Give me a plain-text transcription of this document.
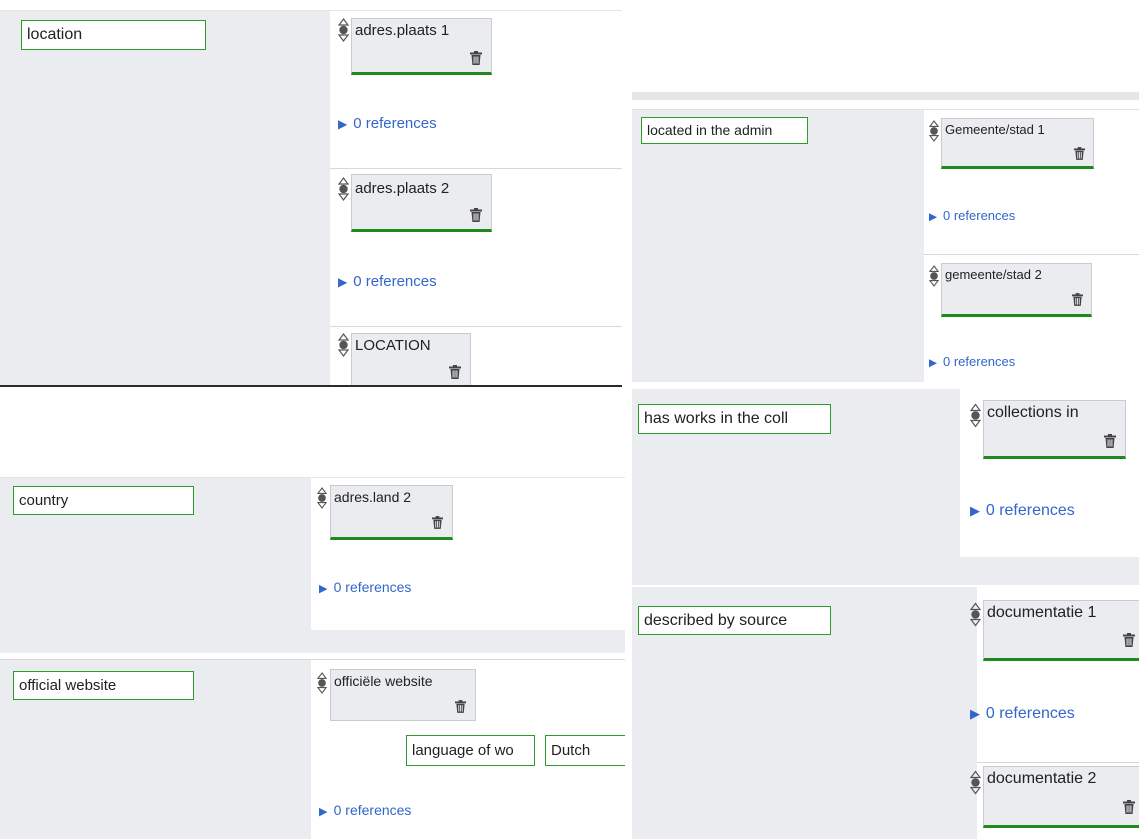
location	adres.plaats 1
▶ 0 references
adres.plaats 2
▶ 0 references
LOCATION
located in the admin	Gemeente/stad 1
▶ 0 references
gemeente/stad 2
▶ 0 references
country	adres.land 2
▶ 0 references
official website	officiële website
language of wo	Dutch
▶ 0 references
has works in the coll	collections in
▶ 0 references
described by source	documentatie 1
▶ 0 references
documentatie 2
